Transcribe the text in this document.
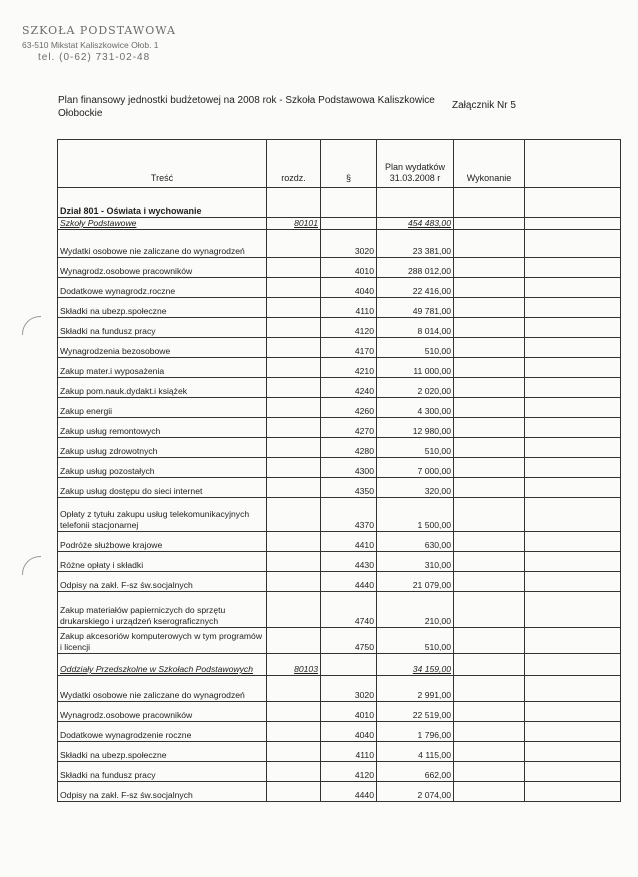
SZKOŁA PODSTAWOWA
63-510 Mikstat Kaliszkowice Ołob. 1
tel. (0-62) 731-02-48
Plan finansowy jednostki budżetowej na 2008 rok - Szkoła Podstawowa Kaliszkowice Ołobockie
Załącznik Nr 5
Treść	rozdz.	§	Plan wydatków 31.03.2008 r	Wykonanie	
Dział 801 - Oświata i wychowanie					
Szkoły Podstawowe	80101		454 483,00		
Wydatki osobowe nie zaliczane do wynagrodzeń		3020	23 381,00		
Wynagrodz.osobowe pracowników		4010	288 012,00		
Dodatkowe wynagrodz.roczne		4040	22 416,00		
Składki na ubezp.społeczne		4110	49 781,00		
Składki na fundusz pracy		4120	8 014,00		
Wynagrodzenia bezosobowe		4170	510,00		
Zakup mater.i wyposażenia		4210	11 000,00		
Zakup pom.nauk.dydakt.i książek		4240	2 020,00		
Zakup energii		4260	4 300,00		
Zakup usług remontowych		4270	12 980,00		
Zakup usług zdrowotnych		4280	510,00		
Zakup usług pozostałych		4300	7 000,00		
Zakup usług dostępu do sieci internet		4350	320,00		
Opłaty z tytułu zakupu usług telekomunikacyjnych telefonii stacjonarnej		4370	1 500,00		
Podróże służbowe krajowe		4410	630,00		
Różne opłaty i składki		4430	310,00		
Odpisy na zakł. F-sz św.socjalnych		4440	21 079,00		
Zakup materiałów papierniczych do sprzętu drukarskiego i urządzeń kserograficznych		4740	210,00		
Zakup akcesoriów komputerowych w tym programów i licencji		4750	510,00		
Oddziały Przedszkolne w Szkołach Podstawowych	80103		34 159,00		
Wydatki osobowe nie zaliczane do wynagrodzeń		3020	2 991,00		
Wynagrodz.osobowe pracowników		4010	22 519,00		
Dodatkowe wynagrodzenie roczne		4040	1 796,00		
Składki na ubezp.społeczne		4110	4 115,00		
Składki na fundusz pracy		4120	662,00		
Odpisy na zakł. F-sz św.socjalnych		4440	2 074,00		
